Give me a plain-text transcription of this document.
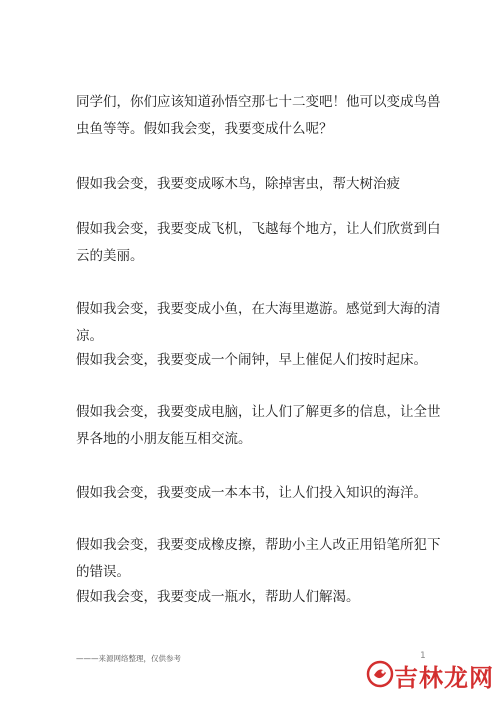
同学们，你们应该知道孙悟空那七十二变吧！他可以变成鸟兽虫鱼等等。假如我会变，我要变成什么呢？

假如我会变，我要变成啄木鸟，除掉害虫，帮大树治疲

假如我会变，我要变成飞机，飞越每个地方，让人们欣赏到白云的美丽。

假如我会变，我要变成小鱼，在大海里遨游。感觉到大海的清凉。

假如我会变，我要变成一个闹钟，早上催促人们按时起床。

假如我会变，我要变成电脑，让人们了解更多的信息，让全世界各地的小朋友能互相交流。

假如我会变，我要变成一本本书，让人们投入知识的海洋。

假如我会变，我要变成橡皮擦，帮助小主人改正用铅笔所犯下的错误。

假如我会变，我要变成一瓶水，帮助人们解渴。

———来源网络整理，仅供参考	1
吉林龙网
